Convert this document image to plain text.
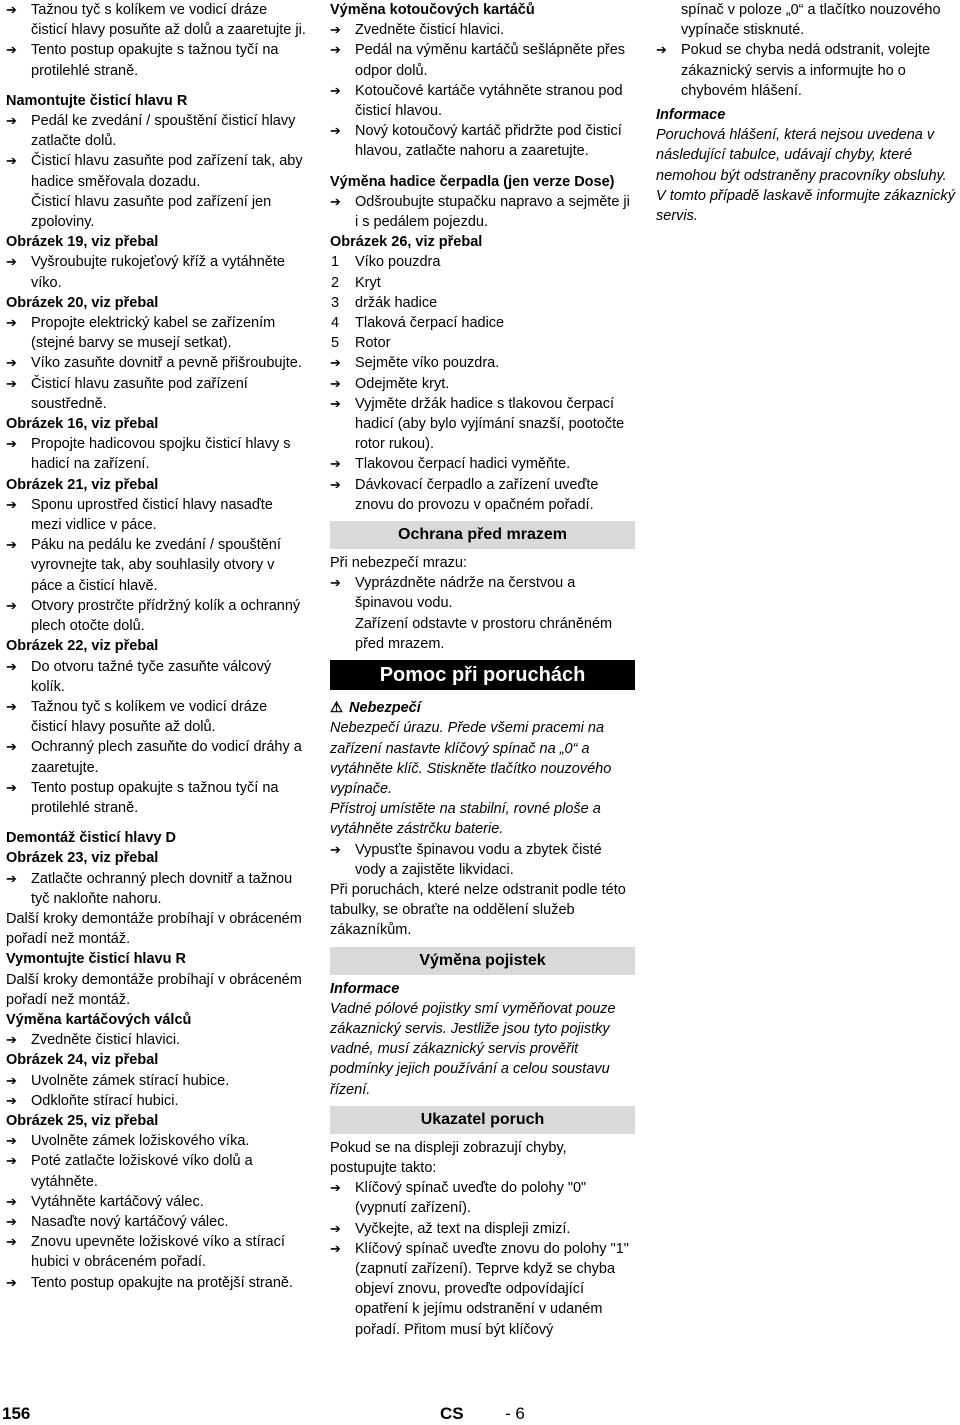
➔ Tažnou tyč s kolíkem ve vodicí dráze čisticí hlavy posuňte až dolů a zaaretujte ji.
➔ Tento postup opakujte s tažnou tyčí na protilehlé straně.
Namontujte čisticí hlavu R
➔ Pedál ke zvedání / spouštění čisticí hlavy zatlačte dolů.
➔ Čisticí hlavu zasuňte pod zařízení tak, aby hadice směřovala dozadu.
Čisticí hlavu zasuňte pod zařízení jen zpoloviny.
Obrázek 19, viz přebal
➔ Vyšroubujte rukojeťový kříž a vytáhněte víko.
Obrázek 20, viz přebal
➔ Propojte elektrický kabel se zařízením (stejné barvy se musejí setkat).
➔ Víko zasuňte dovnitř a pevně přišroubujte.
➔ Čisticí hlavu zasuňte pod zařízení soustředně.
Obrázek 16, viz přebal
➔ Propojte hadicovou spojku čisticí hlavy s hadicí na zařízení.
Obrázek 21, viz přebal
➔ Sponu uprostřed čisticí hlavy nasaďte mezi vidlice v páce.
➔ Páku na pedálu ke zvedání / spouštění vyrovnejte tak, aby souhlasily otvory v páce a čisticí hlavě.
➔ Otvory prostrčte přídržný kolík a ochranný plech otočte dolů.
Obrázek 22, viz přebal
➔ Do otvoru tažné tyče zasuňte válcový kolík.
➔ Tažnou tyč s kolíkem ve vodicí dráze čisticí hlavy posuňte až dolů.
➔ Ochranný plech zasuňte do vodicí dráhy a zaaretujte.
➔ Tento postup opakujte s tažnou tyčí na protilehlé straně.
Demontáž čisticí hlavy D
Obrázek 23, viz přebal
➔ Zatlačte ochranný plech dovnitř a tažnou tyč nakloňte nahoru.
Další kroky demontáže probíhají v obráceném pořadí než montáž.
Vymontujte čisticí hlavu R
Další kroky demontáže probíhají v obráceném pořadí než montáž.
Výměna kartáčových válců
➔ Zvedněte čisticí hlavici.
Obrázek 24, viz přebal
➔ Uvolněte zámek stírací hubice.
➔ Odkloňte stírací hubici.
Obrázek 25, viz přebal
➔ Uvolněte zámek ložiskového víka.
➔ Poté zatlačte ložiskové víko dolů a vytáhněte.
➔ Vytáhněte kartáčový válec.
➔ Nasaďte nový kartáčový válec.
➔ Znovu upevněte ložiskové víko a stírací hubici v obráceném pořadí.
➔ Tento postup opakujte na protější straně.
Výměna kotoučových kartáčů
➔ Zvedněte čisticí hlavici.
➔ Pedál na výměnu kartáčů sešlápněte přes odpor dolů.
➔ Kotoučové kartáče vytáhněte stranou pod čisticí hlavou.
➔ Nový kotoučový kartáč přidržte pod čisticí hlavou, zatlačte nahoru a zaaretujte.
Výměna hadice čerpadla (jen verze Dose)
➔ Odšroubujte stupačku napravo a sejměte ji i s pedálem pojezdu.
Obrázek 26, viz přebal
1 Víko pouzdra
2 Kryt
3 držák hadice
4 Tlaková čerpací hadice
5 Rotor
➔ Sejměte víko pouzdra.
➔ Odejměte kryt.
➔ Vyjměte držák hadice s tlakovou čerpací hadicí (aby bylo vyjímání snazší, pootočte rotor rukou).
➔ Tlakovou čerpací hadici vyměňte.
➔ Dávkovací čerpadlo a zařízení uveďte znovu do provozu v opačném pořadí.
Ochrana před mrazem
Při nebezpečí mrazu:
➔ Vyprázdněte nádrže na čerstvou a špinavou vodu.
Zařízení odstavte v prostoru chráněném před mrazem.
Pomoc při poruchách
⚠ Nebezpečí
Nebezpečí úrazu. Přede všemi pracemi na zařízení nastavte klíčový spínač na „0“ a vytáhněte klíč. Stiskněte tlačítko nouzového vypínače.
Přístroj umístěte na stabilní, rovné ploše a vytáhněte zástrčku baterie.
➔ Vypusťte špinavou vodu a zbytek čisté vody a zajistěte likvidaci.
Při poruchách, které nelze odstranit podle této tabulky, se obraťte na oddělení služeb zákazníkům.
Výměna pojistek
Informace
Vadné pólové pojistky smí vyměňovat pouze zákaznický servis. Jestliže jsou tyto pojistky vadné, musí zákaznický servis prověřit podmínky jejich používání a celou soustavu řízení.
Ukazatel poruch
Pokud se na displeji zobrazují chyby, postupujte takto:
➔ Klíčový spínač uveďte do polohy "0" (vypnutí zařízení).
➔ Vyčkejte, až text na displeji zmizí.
➔ Klíčový spínač uveďte znovu do polohy "1" (zapnutí zařízení). Teprve když se chyba objeví znovu, proveďte odpovídající opatření k jejímu odstranění v udaném pořadí. Přitom musí být klíčový
spínač v poloze „0“ a tlačítko nouzového vypínače stisknuté.
➔ Pokud se chyba nedá odstranit, volejte zákaznický servis a informujte ho o chybovém hlášení.
Informace
Poruchová hlášení, která nejsou uvedena v následující tabulce, udávají chyby, které nemohou být odstraněny pracovníky obsluhy. V tomto případě laskavě informujte zákaznický servis.
156	CS - 6
